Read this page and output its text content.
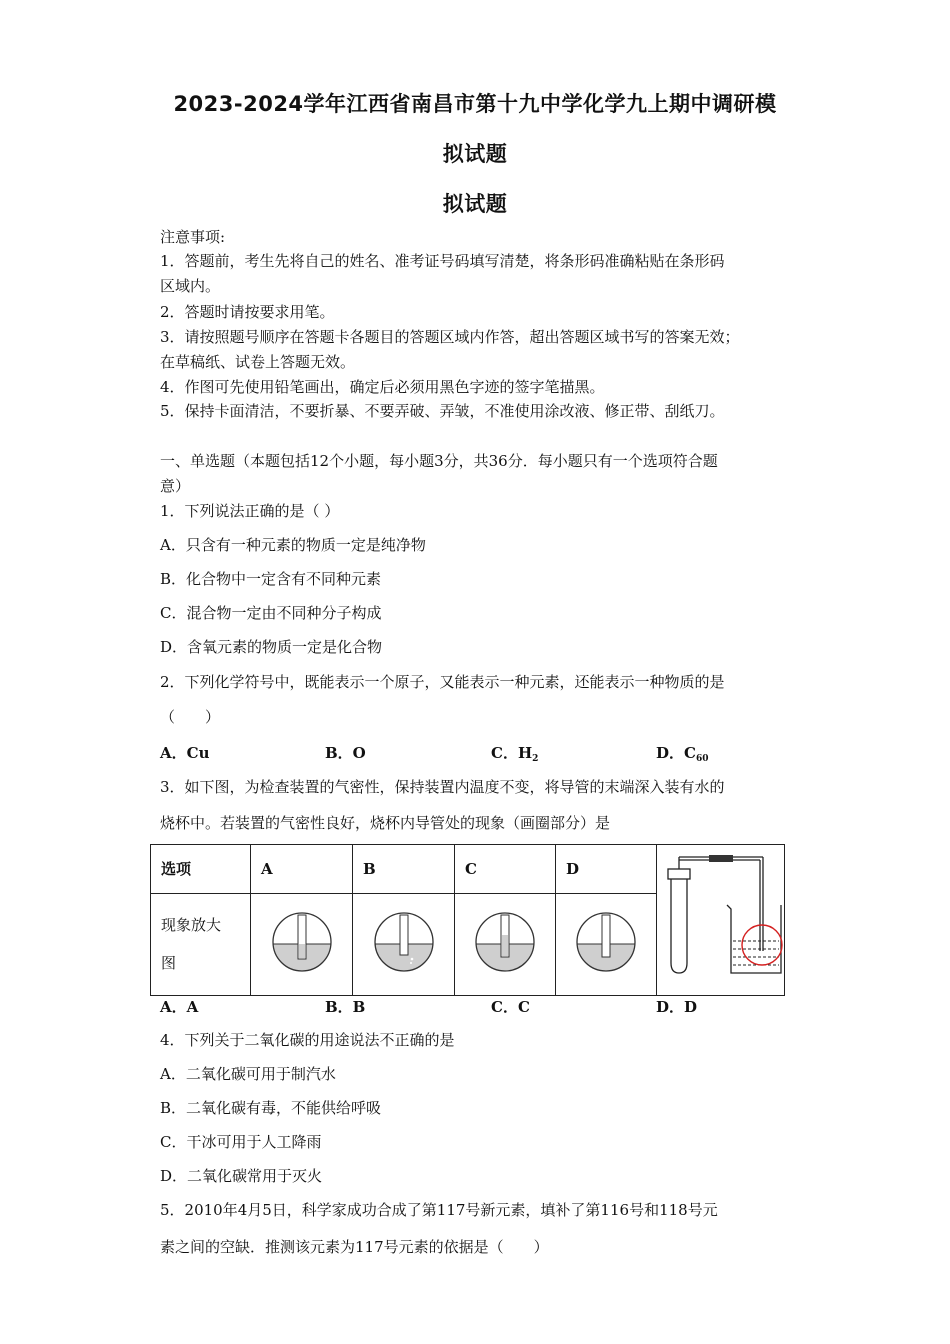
2023-2024学年江西省南昌市第十九中学化学九上期中调研模
拟试题
拟试题
注意事项:
1．答题前，考生先将自己的姓名、准考证号码填写清楚，将条形码准确粘贴在条形码
区域内。
2．答题时请按要求用笔。
3．请按照题号顺序在答题卡各题目的答题区域内作答，超出答题区域书写的答案无效；
在草稿纸、试卷上答题无效。
4．作图可先使用铅笔画出，确定后必须用黑色字迹的签字笔描黑。
5．保持卡面清洁，不要折暴、不要弄破、弄皱，不准使用涂改液、修正带、刮纸刀。
一、单选题（本题包括12个小题，每小题3分，共36分．每小题只有一个选项符合题
意）
1．下列说法正确的是（ ）
A．只含有一种元素的物质一定是纯净物
B．化合物中一定含有不同种元素
C．混合物一定由不同种分子构成
D．含氧元素的物质一定是化合物
2．下列化学符号中，既能表示一个原子，又能表示一种元素，还能表示一种物质的是
（　　）
A．Cu	B．O	C．$H_2$	D．$C_{60}$
3．如下图，为检查装置的气密性，保持装置内温度不变，将导管的末端深入装有水的
烧杯中。若装置的气密性良好，烧杯内导管处的现象（画圈部分）是
选项	A	B	C	D	
现象放大
图				
A．A	B．B	C．C	D．D
4．下列关于二氧化碳的用途说法不正确的是
A．二氧化碳可用于制汽水
B．二氧化碳有毒，不能供给呼吸
C．干冰可用于人工降雨
D．二氧化碳常用于灭火
5．2010年4月5日，科学家成功合成了第117号新元素，填补了第116号和118号元
素之间的空缺．推测该元素为117号元素的依据是（　　）
